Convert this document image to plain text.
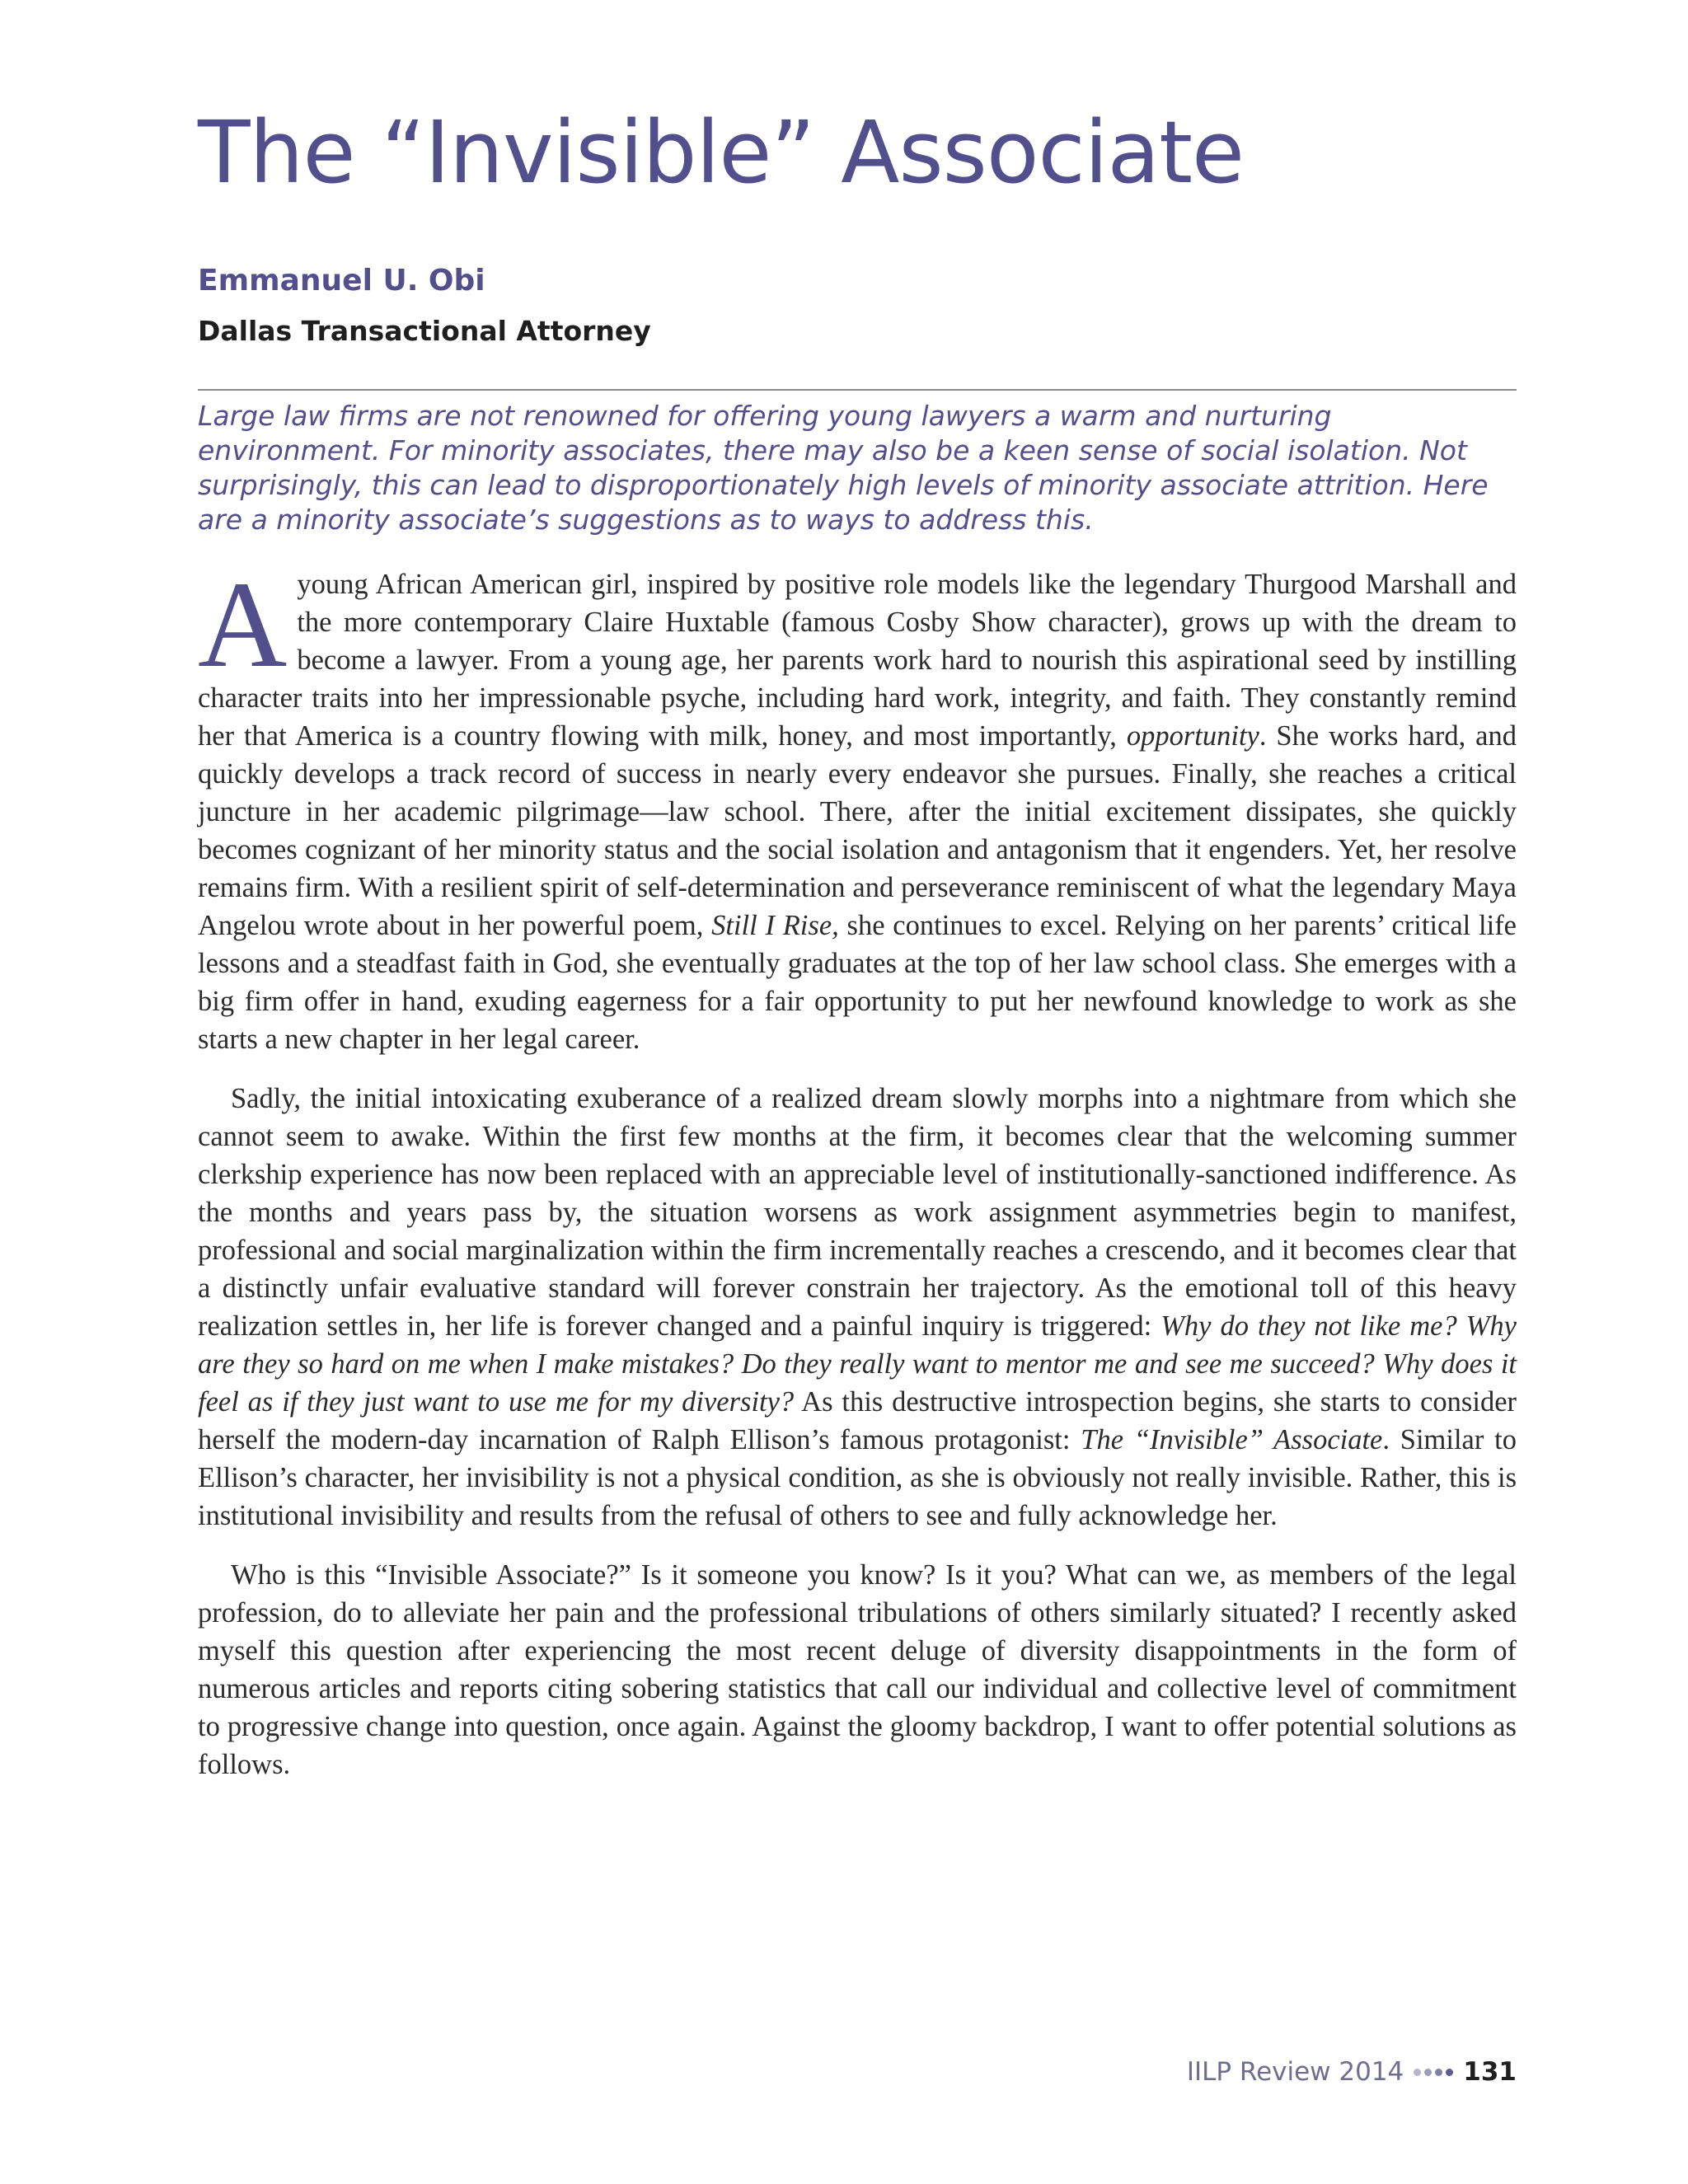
The “Invisible” Associate
Emmanuel U. Obi
Dallas Transactional Attorney

Large law firms are not renowned for offering young lawyers a warm and nurturing environment. For minority associates, there may also be a keen sense of social isolation. Not surprisingly, this can lead to disproportionately high levels of minority associate attrition. Here are a minority associate’s suggestions as to ways to address this.

A young African American girl, inspired by positive role models like the legendary Thurgood Marshall and the more contemporary Claire Huxtable (famous Cosby Show character), grows up with the dream to become a lawyer. From a young age, her parents work hard to nourish this aspirational seed by instilling character traits into her impressionable psyche, including hard work, integrity, and faith. They constantly remind her that America is a country flowing with milk, honey, and most importantly, opportunity. She works hard, and quickly develops a track record of success in nearly every endeavor she pursues. Finally, she reaches a critical juncture in her academic pilgrimage—law school. There, after the initial excitement dissipates, she quickly becomes cognizant of her minority status and the social isolation and antagonism that it engenders. Yet, her resolve remains firm. With a resilient spirit of self-determination and perseverance reminiscent of what the legendary Maya Angelou wrote about in her powerful poem, Still I Rise, she continues to excel. Relying on her parents’ critical life lessons and a steadfast faith in God, she eventually graduates at the top of her law school class. She emerges with a big firm offer in hand, exuding eagerness for a fair opportunity to put her newfound knowledge to work as she starts a new chapter in her legal career.

Sadly, the initial intoxicating exuberance of a realized dream slowly morphs into a nightmare from which she cannot seem to awake. Within the first few months at the firm, it becomes clear that the welcoming summer clerkship experience has now been replaced with an appreciable level of institutionally-sanctioned indifference. As the months and years pass by, the situation worsens as work assignment asymmetries begin to manifest, professional and social marginalization within the firm incrementally reaches a crescendo, and it becomes clear that a distinctly unfair evaluative standard will forever constrain her trajectory. As the emotional toll of this heavy realization settles in, her life is forever changed and a painful inquiry is triggered: Why do they not like me? Why are they so hard on me when I make mistakes? Do they really want to mentor me and see me succeed? Why does it feel as if they just want to use me for my diversity? As this destructive introspection begins, she starts to consider herself the modern-day incarnation of Ralph Ellison’s famous protagonist: The “Invisible” Associate. Similar to Ellison’s character, her invisibility is not a physical condition, as she is obviously not really invisible. Rather, this is institutional invisibility and results from the refusal of others to see and fully acknowledge her.

Who is this “Invisible Associate?” Is it someone you know? Is it you? What can we, as members of the legal profession, do to alleviate her pain and the professional tribulations of others similarly situated? I recently asked myself this question after experiencing the most recent deluge of diversity disappointments in the form of numerous articles and reports citing sobering statistics that call our individual and collective level of commitment to progressive change into question, once again. Against the gloomy backdrop, I want to offer potential solutions as follows.

IILP Review 2014 131
